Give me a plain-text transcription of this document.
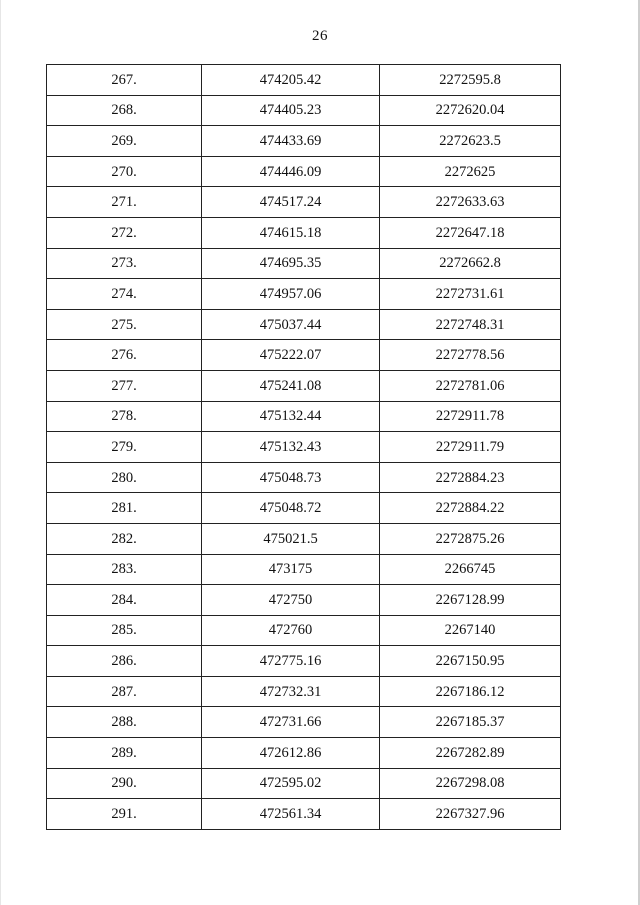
26
267.	474205.42	2272595.8
268.	474405.23	2272620.04
269.	474433.69	2272623.5
270.	474446.09	2272625
271.	474517.24	2272633.63
272.	474615.18	2272647.18
273.	474695.35	2272662.8
274.	474957.06	2272731.61
275.	475037.44	2272748.31
276.	475222.07	2272778.56
277.	475241.08	2272781.06
278.	475132.44	2272911.78
279.	475132.43	2272911.79
280.	475048.73	2272884.23
281.	475048.72	2272884.22
282.	475021.5	2272875.26
283.	473175	2266745
284.	472750	2267128.99
285.	472760	2267140
286.	472775.16	2267150.95
287.	472732.31	2267186.12
288.	472731.66	2267185.37
289.	472612.86	2267282.89
290.	472595.02	2267298.08
291.	472561.34	2267327.96
